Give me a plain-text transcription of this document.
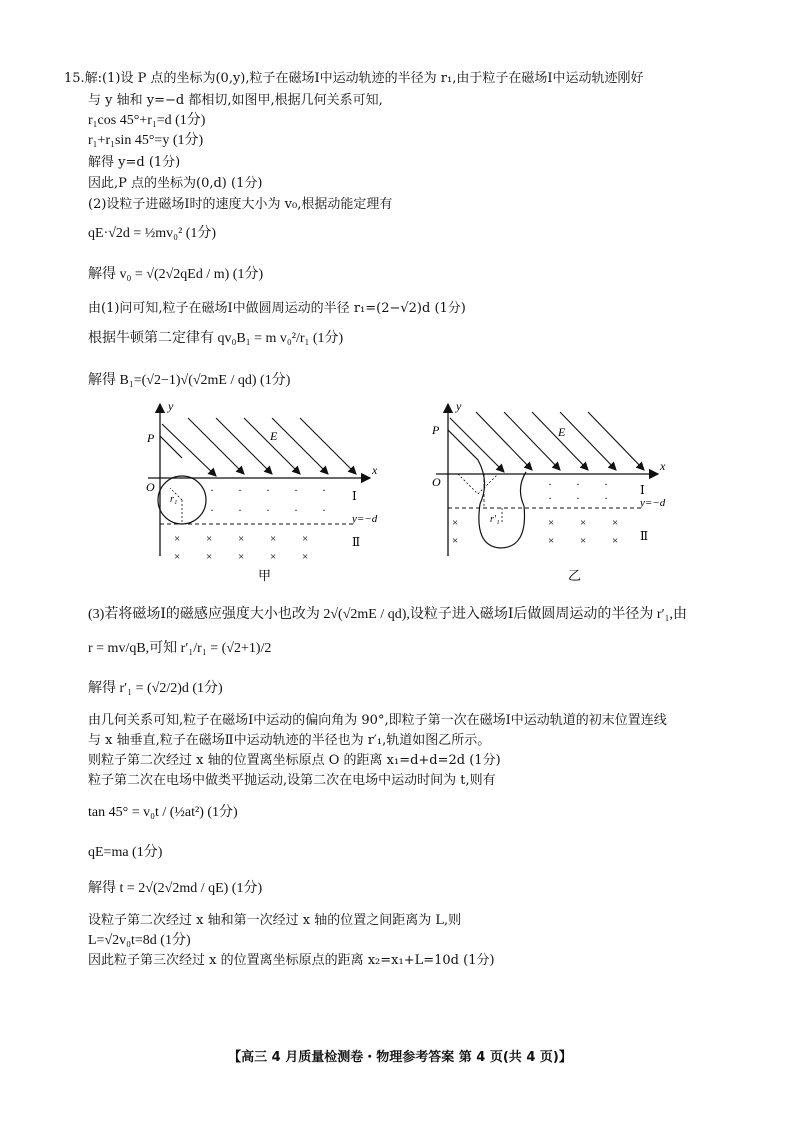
15.解:(1)设 P 点的坐标为(0,y),粒子在磁场Ⅰ中运动轨迹的半径为 r₁,由于粒子在磁场Ⅰ中运动轨迹刚好
与 y 轴和 y=−d 都相切,如图甲,根据几何关系可知,
r₁cos 45°+r₁=d (1分)
r₁+r₁sin 45°=y (1分)
解得 y=d (1分)
因此,P 点的坐标为(0,d) (1分)
(2)设粒子进磁场Ⅰ时的速度大小为 v₀,根据动能定理有
qE·√2d = ½mv₀² (1分)
解得 v₀ = √(2√2qEd / m) (1分)
由(1)问可知,粒子在磁场Ⅰ中做圆周运动的半径 r₁=(2−√2)d (1分)
根据牛顿第二定律有 qv₀B₁ = m v₀²/r₁ (1分)
解得 B₁=(√2−1)√(√2mE / qd) (1分)
y
x
O
P	E
y=−d
Ⅰ
Ⅱ
r₁
· · · · ·
· · · · ·
× × × × ×
× × × × ×
甲
y
x
O
P	E
r′₁
y=−d
Ⅰ
Ⅱ
· · ·
· · ·
×	× × ×
×	× × ×
乙
(3)若将磁场Ⅰ的磁感应强度大小也改为 2√(√2mE / qd),设粒子进入磁场Ⅰ后做圆周运动的半径为 r′₁,由
r = mv/qB,可知 r′₁/r₁ = (√2+1)/2
解得 r′₁ = (√2/2)d (1分)
由几何关系可知,粒子在磁场Ⅰ中运动的偏向角为 90°,即粒子第一次在磁场Ⅰ中运动轨道的初末位置连线
与 x 轴垂直,粒子在磁场Ⅱ中运动轨迹的半径也为 r′₁,轨道如图乙所示。
则粒子第二次经过 x 轴的位置离坐标原点 O 的距离 x₁=d+d=2d (1分)
粒子第二次在电场中做类平抛运动,设第二次在电场中运动时间为 t,则有
tan 45° = v₀t / (½at²) (1分)
qE=ma (1分)
解得 t = 2√(2√2md / qE) (1分)
设粒子第二次经过 x 轴和第一次经过 x 轴的位置之间距离为 L,则
L=√2v₀t=8d (1分)
因此粒子第三次经过 x 的位置离坐标原点的距离 x₂=x₁+L=10d (1分)
【高三 4 月质量检测卷・物理参考答案 第 4 页(共 4 页)】
